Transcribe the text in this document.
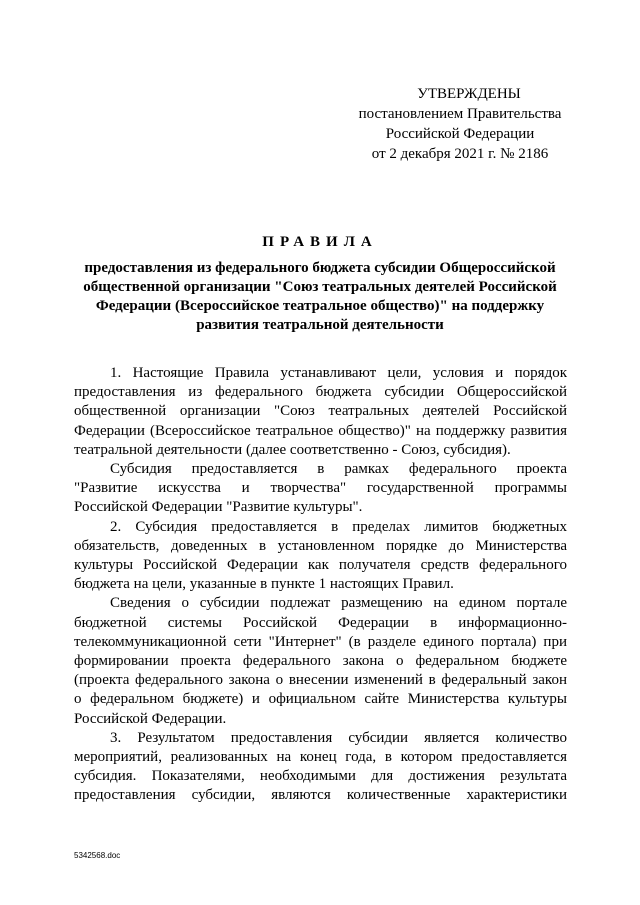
УТВЕРЖДЕНЫ
постановлением Правительства
Российской Федерации
от 2 декабря 2021 г. № 2186
ПРАВИЛА
предоставления из федерального бюджета субсидии Общероссийской
общественной организации "Союз театральных деятелей Российской
Федерации (Всероссийское театральное общество)" на поддержку
развития театральной деятельности
1. Настоящие Правила устанавливают цели, условия и порядок
предоставления из федерального бюджета субсидии Общероссийской
общественной организации "Союз театральных деятелей Российской
Федерации (Всероссийское театральное общество)" на поддержку развития
театральной деятельности (далее соответственно - Союз, субсидия).
Субсидия предоставляется в рамках федерального проекта
"Развитие искусства и творчества" государственной программы
Российской Федерации "Развитие культуры".
2. Субсидия предоставляется в пределах лимитов бюджетных
обязательств, доведенных в установленном порядке до Министерства
культуры Российской Федерации как получателя средств федерального
бюджета на цели, указанные в пункте 1 настоящих Правил.
Сведения о субсидии подлежат размещению на едином портале
бюджетной системы Российской Федерации в информационно-
телекоммуникационной сети "Интернет" (в разделе единого портала) при
формировании проекта федерального закона о федеральном бюджете
(проекта федерального закона о внесении изменений в федеральный закон
о федеральном бюджете) и официальном сайте Министерства культуры
Российской Федерации.
3. Результатом предоставления субсидии является количество
мероприятий, реализованных на конец года, в котором предоставляется
субсидия. Показателями, необходимыми для достижения результата
предоставления субсидии, являются количественные характеристики
5342568.doc
